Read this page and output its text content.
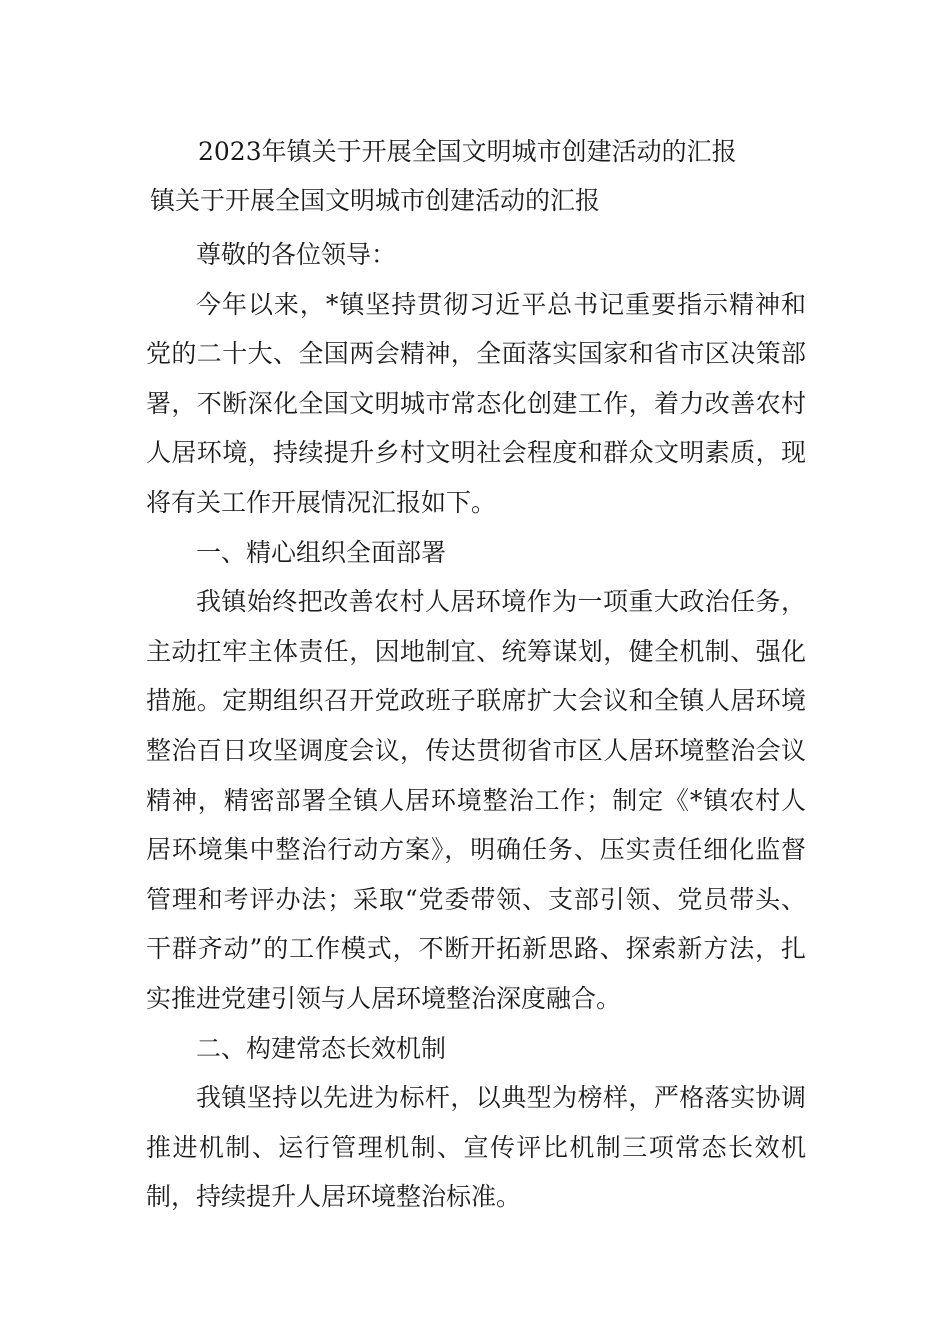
2023年镇关于开展全国文明城市创建活动的汇报
镇关于开展全国文明城市创建活动的汇报

尊敬的各位领导：

今年以来，*镇坚持贯彻习近平总书记重要指示精神和党的二十大、全国两会精神，全面落实国家和省市区决策部署，不断深化全国文明城市常态化创建工作，着力改善农村人居环境，持续提升乡村文明社会程度和群众文明素质，现将有关工作开展情况汇报如下。

一、精心组织全面部署

我镇始终把改善农村人居环境作为一项重大政治任务，主动扛牢主体责任，因地制宜、统筹谋划，健全机制、强化措施。定期组织召开党政班子联席扩大会议和全镇人居环境整治百日攻坚调度会议，传达贯彻省市区人居环境整治会议精神，精密部署全镇人居环境整治工作；制定《*镇农村人居环境集中整治行动方案》，明确任务、压实责任细化监督管理和考评办法；采取“党委带领、支部引领、党员带头、干群齐动”的工作模式，不断开拓新思路、探索新方法，扎实推进党建引领与人居环境整治深度融合。

二、构建常态长效机制

我镇坚持以先进为标杆，以典型为榜样，严格落实协调推进机制、运行管理机制、宣传评比机制三项常态长效机制，持续提升人居环境整治标准。
